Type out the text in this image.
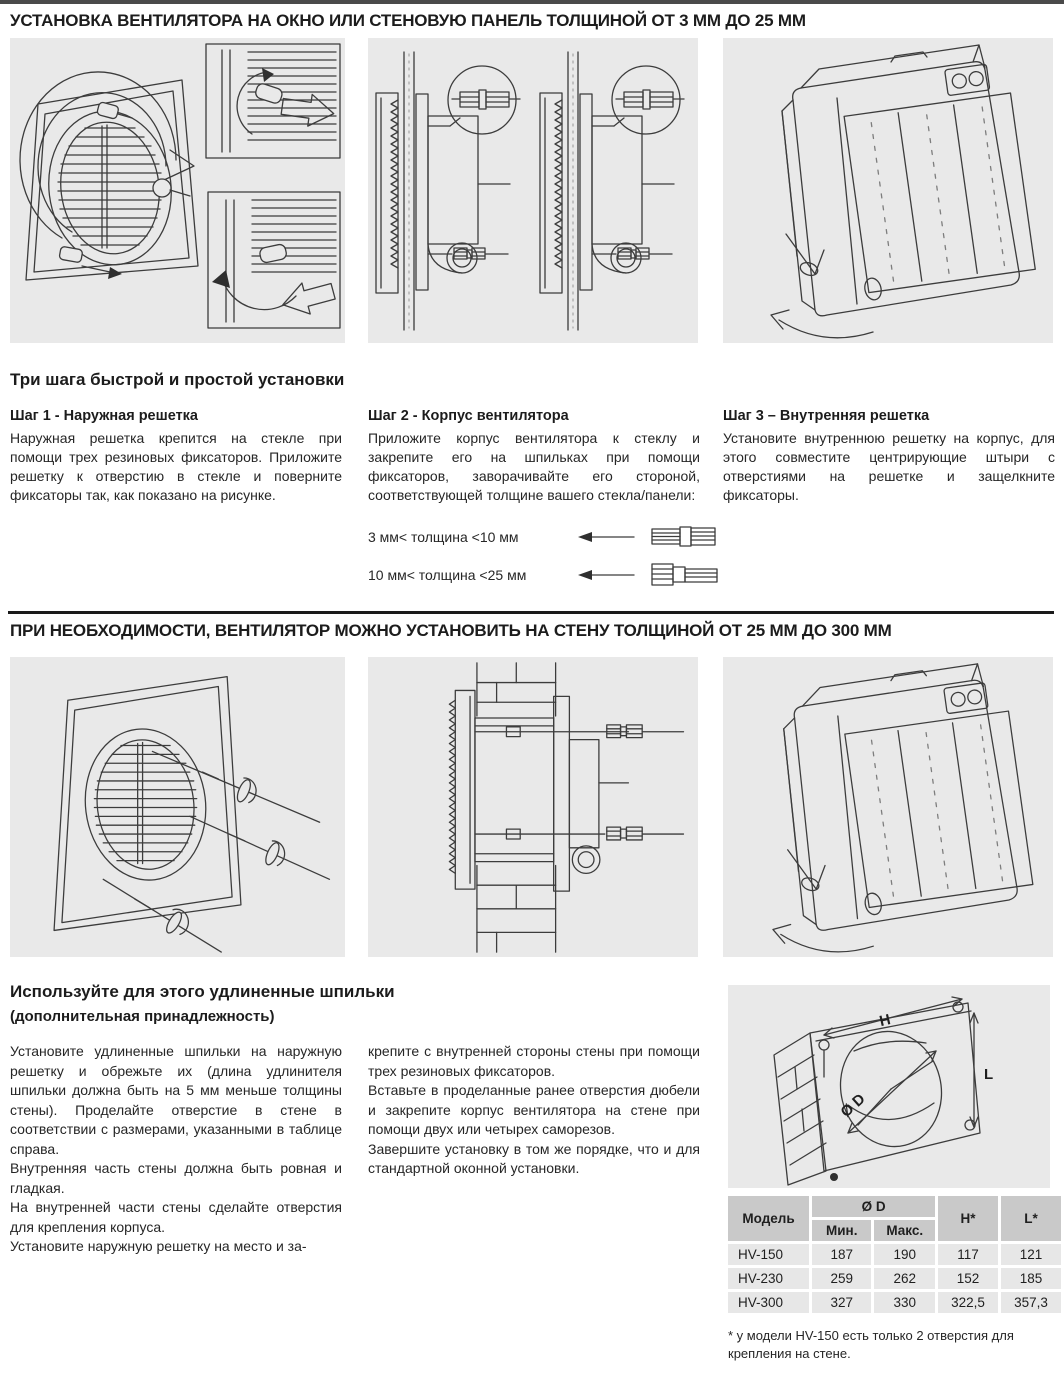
УСТАНОВКА ВЕНТИЛЯТОРА НА ОКНО ИЛИ СТЕНОВУЮ ПАНЕЛЬ ТОЛЩИНОЙ ОТ 3 ММ ДО 25 ММ
Три шага быстрой и простой установки

Шаг 1 - Наружная решетка

Наружная решетка крепится на стекле при помощи трех резиновых фиксаторов. Приложите решетку к отверстию в стекле и поверните фиксаторы так, как показано на рисунке.

Шаг 2 - Корпус вентилятора

Приложите корпус вентилятора к стеклу и закрепите его на шпильках при помощи фиксаторов, заворачивайте его стороной, соответствующей толщине вашего стекла/панели:

Шаг 3 – Внутренняя решетка

Установите внутреннюю решетку на корпус, для этого совместите центрирующие штыри с отверстиями на решетке и защелкните фиксаторы.

3 мм< толщина <10 мм
10 мм< толщина <25 мм
ПРИ НЕОБХОДИМОСТИ, ВЕНТИЛЯТОР МОЖНО УСТАНОВИТЬ НА СТЕНУ ТОЛЩИНОЙ ОТ 25 ММ ДО 300 ММ
Используйте для этого удлиненные шпильки
(дополнительная принадлежность)

Установите удлиненные шпильки на наружную решетку и обрежьте их (длина удлинителя шпильки должна быть на 5 мм меньше толщины стены). Проделайте отверстие в стене в соответствии с размерами, указанными в таблице справа.

Внутренняя часть стены должна быть ровная и гладкая.

На внутренней части стены сделайте отверстия для крепления корпуса.

Установите наружную решетку на место и за-

крепите с внутренней стороны стены при помощи трех резиновых фиксаторов.

Вставьте в проделанные ранее отверстия дюбели и закрепите корпус вентилятора на стене при помощи двух или четырех саморезов.

Завершите установку в том же порядке, что и для стандартной оконной установки.

H
L
Ø D
Модель	Ø D		H*	L*
	Мин.	Макс.		
HV-150	187	190	117	121
HV-230	259	262	152	185
HV-300	327	330	322,5	357,3
* у модели HV-150 есть только 2 отверстия для крепления на стене.
